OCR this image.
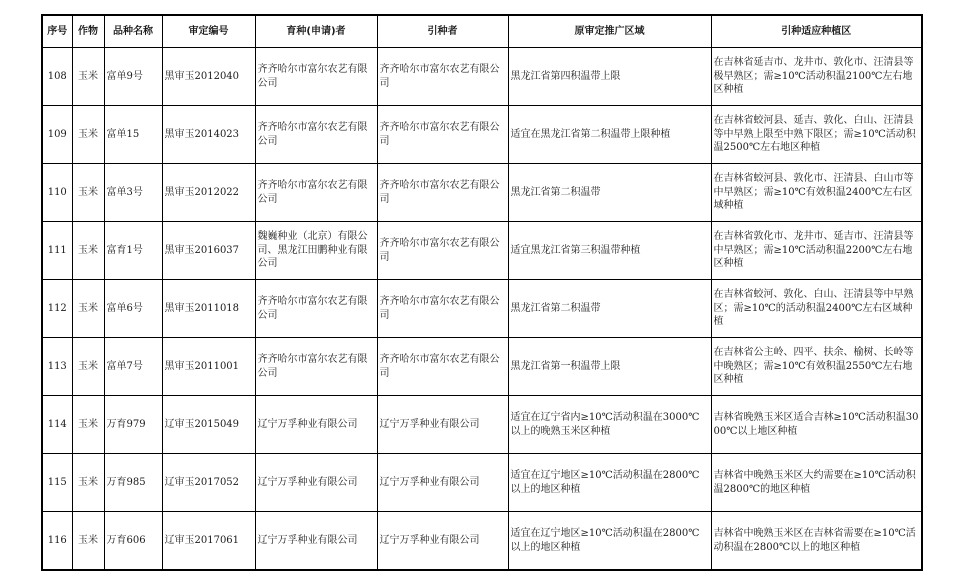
序号	作物	品种名称	审定编号	育种(申请)者	引种者	原审定推广区域	引种适应种植区
108	玉米	富单9号	黑审玉2012040	齐齐哈尔市富尔农艺有限公司	齐齐哈尔市富尔农艺有限公司	黑龙江省第四积温带上限	在吉林省延吉市、龙井市、敦化市、汪清县等极早熟区；需≥10℃活动积温2100℃左右地区种植
109	玉米	富单15	黑审玉2014023	齐齐哈尔市富尔农艺有限公司	齐齐哈尔市富尔农艺有限公司	适宜在黑龙江省第二积温带上限种植	在吉林省蛟河县、延吉、敦化、白山、汪清县等中早熟上限至中熟下限区；需≥10℃活动积温2500℃左右地区种植
110	玉米	富单3号	黑审玉2012022	齐齐哈尔市富尔农艺有限公司	齐齐哈尔市富尔农艺有限公司	黑龙江省第二积温带	在吉林省蛟河县、敦化市、汪清县、白山市等中早熟区；需≥10℃有效积温2400℃左右区域种植
111	玉米	富育1号	黑审玉2016037	魏巍种业（北京）有限公司、黑龙江田鹏种业有限公司	齐齐哈尔市富尔农艺有限公司	适宜黑龙江省第三积温带种植	在吉林省敦化市、龙井市、延吉市、汪清县等中早熟区；需≥10℃活动积温2200℃左右地区种植
112	玉米	富单6号	黑审玉2011018	齐齐哈尔市富尔农艺有限公司	齐齐哈尔市富尔农艺有限公司	黑龙江省第二积温带	在吉林省蛟河、敦化、白山、汪清县等中早熟区；需≥10℃的活动积温2400℃左右区域种植
113	玉米	富单7号	黑审玉2011001	齐齐哈尔市富尔农艺有限公司	齐齐哈尔市富尔农艺有限公司	黑龙江省第一积温带上限	在吉林省公主岭、四平、扶余、榆树、长岭等中晚熟区；需≥10℃有效积温2550℃左右地区种植
114	玉米	万育979	辽审玉2015049	辽宁万孚种业有限公司	辽宁万孚种业有限公司	适宜在辽宁省内≥10℃活动积温在3000℃以上的晚熟玉米区种植	吉林省晚熟玉米区适合吉林≥10℃活动积温3000℃以上地区种植
115	玉米	万育985	辽审玉2017052	辽宁万孚种业有限公司	辽宁万孚种业有限公司	适宜在辽宁地区≥10℃活动积温在2800℃以上的地区种植	吉林省中晚熟玉米区大约需要在≥10℃活动积温2800℃的地区种植
116	玉米	万育606	辽审玉2017061	辽宁万孚种业有限公司	辽宁万孚种业有限公司	适宜在辽宁地区≥10℃活动积温在2800℃以上的地区种植	吉林省中晚熟玉米区在吉林省需要在≥10℃活动积温在2800℃以上的地区种植
